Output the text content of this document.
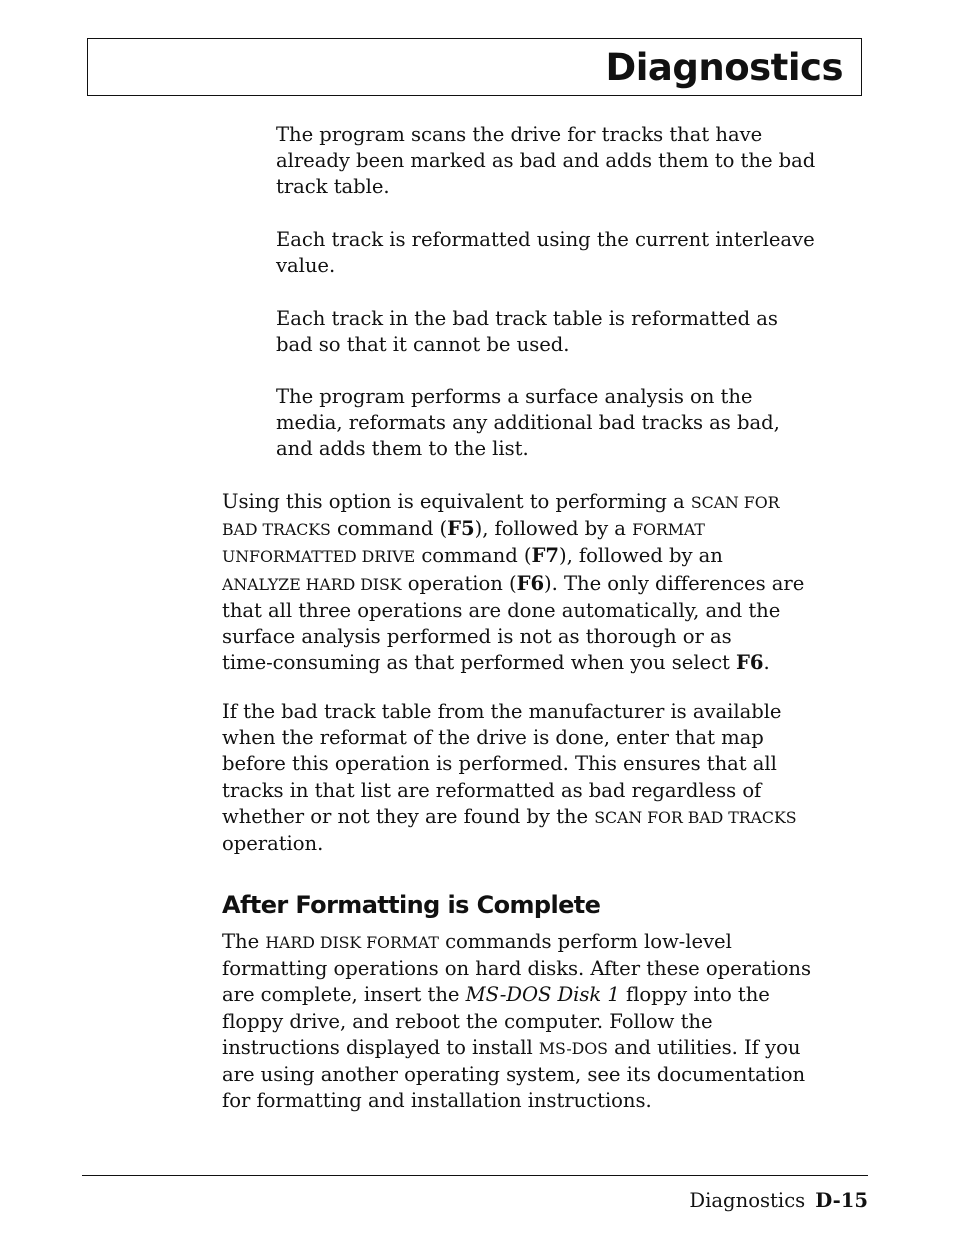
Diagnostics
The program scans the drive for tracks that have
already been marked as bad and adds them to the bad
track table.
Each track is reformatted using the current interleave
value.
Each track in the bad track table is reformatted as
bad so that it cannot be used.
The program performs a surface analysis on the
media, reformats any additional bad tracks as bad,
and adds them to the list.
Using this option is equivalent to performing a SCAN FOR
BAD TRACKS command (F5), followed by a FORMAT
UNFORMATTED DRIVE command (F7), followed by an
ANALYZE HARD DISK operation (F6). The only differences are
that all three operations are done automatically, and the
surface analysis performed is not as thorough or as
time-consuming as that performed when you select F6.
If the bad track table from the manufacturer is available
when the reformat of the drive is done, enter that map
before this operation is performed. This ensures that all
tracks in that list are reformatted as bad regardless of
whether or not they are found by the SCAN FOR BAD TRACKS
operation.
After Formatting is Complete
The HARD DISK FORMAT commands perform low-level
formatting operations on hard disks. After these operations
are complete, insert the MS-DOS Disk 1 floppy into the
floppy drive, and reboot the computer. Follow the
instructions displayed to install MS-DOS and utilities. If you
are using another operating system, see its documentation
for formatting and installation instructions.
Diagnostics D-15
